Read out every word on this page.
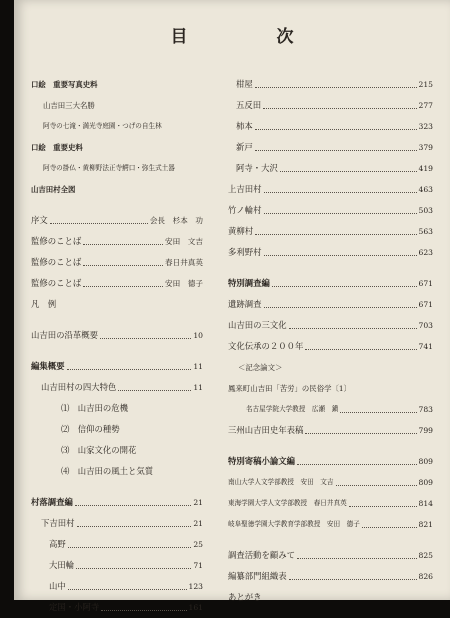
目　次
口絵　重要写真史料
山吉田三大名勝
阿寺の七滝・満光寺庭園・つげの自生林
口絵　重要史料
阿寺の掛仏・黄柳野法正寺鰐口・弥生式土器
山吉田村全図
序文	会長　杉本　功
監修のことば	安田　文吉
監修のことば	春日井真英
監修のことば	安田　德子
凡　例
山吉田の沿革概要	10
編集概要	11
山吉田村の四大特色	11
⑴　山吉田の危機
⑵　信仰の種勢
⑶　山家文化の開花
⑷　山吉田の風土と気質
村落調査編	21
下吉田村	21
高野	25
大田輪	71
山中	123
定国・小阿寺	161
柑屋	215
五反田	277
柿本	323
新戸	379
阿寺・大沢	419
上吉田村	463
竹ノ輪村	503
黄柳村	563
多利野村	623
特別調査編	671
遺跡調査	671
山吉田の三文化	703
文化伝承の２００年	741
＜記念論文＞
鳳来町山吉田「苦労」の民俗学〔1〕
名古屋学院大学教授　広瀬　鎭	783
三州山吉田史年表稿	799
特別寄稿小論文編	809
南山大学人文学部教授　安田　文吉	809
東海学園大学人文学部教授　春日井真英	814
岐阜聖徳学園大学教育学部教授　安田　德子	821
調査活動を顧みて	825
編纂部門組織表	826
あとがき
